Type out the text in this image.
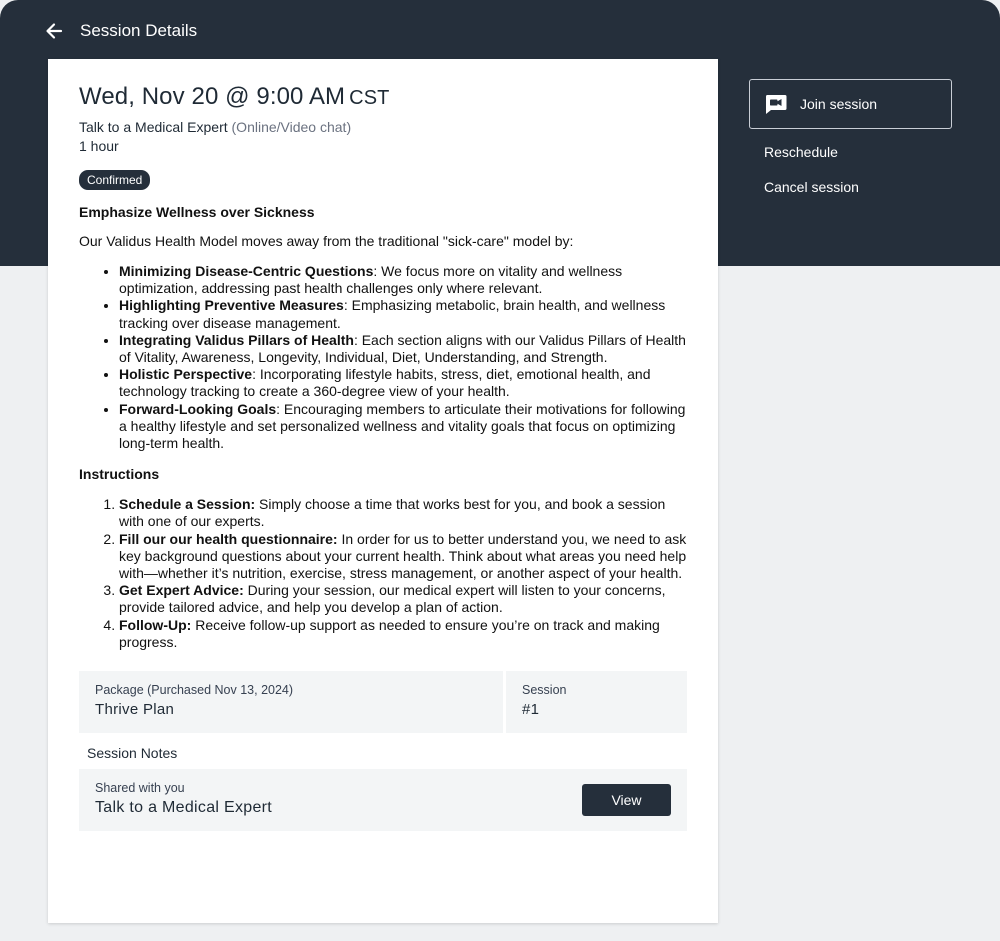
Session Details
Wed, Nov 20 @ 9:00 AM CST
Talk to a Medical Expert (Online/Video chat)
1 hour
Confirmed
Emphasize Wellness over Sickness
Our Validus Health Model moves away from the traditional "sick-care" model by:
• Minimizing Disease-Centric Questions: We focus more on vitality and wellness optimization, addressing past health challenges only where relevant.
• Highlighting Preventive Measures: Emphasizing metabolic, brain health, and wellness tracking over disease management.
• Integrating Validus Pillars of Health: Each section aligns with our Validus Pillars of Health of Vitality, Awareness, Longevity, Individual, Diet, Understanding, and Strength.
• Holistic Perspective: Incorporating lifestyle habits, stress, diet, emotional health, and technology tracking to create a 360-degree view of your health.
• Forward-Looking Goals: Encouraging members to articulate their motivations for following a healthy lifestyle and set personalized wellness and vitality goals that focus on optimizing long-term health.
Instructions
1. Schedule a Session: Simply choose a time that works best for you, and book a session with one of our experts.
2. Fill our our health questionnaire: In order for us to better understand you, we need to ask key background questions about your current health. Think about what areas you need help with—whether it’s nutrition, exercise, stress management, or another aspect of your health.
3. Get Expert Advice: During your session, our medical expert will listen to your concerns, provide tailored advice, and help you develop a plan of action.
4. Follow-Up: Receive follow-up support as needed to ensure you’re on track and making progress.
Package (Purchased Nov 13, 2024)
Thrive Plan
Session
#1
Session Notes
Shared with you
Talk to a Medical Expert	View
Join session
Reschedule
Cancel session
